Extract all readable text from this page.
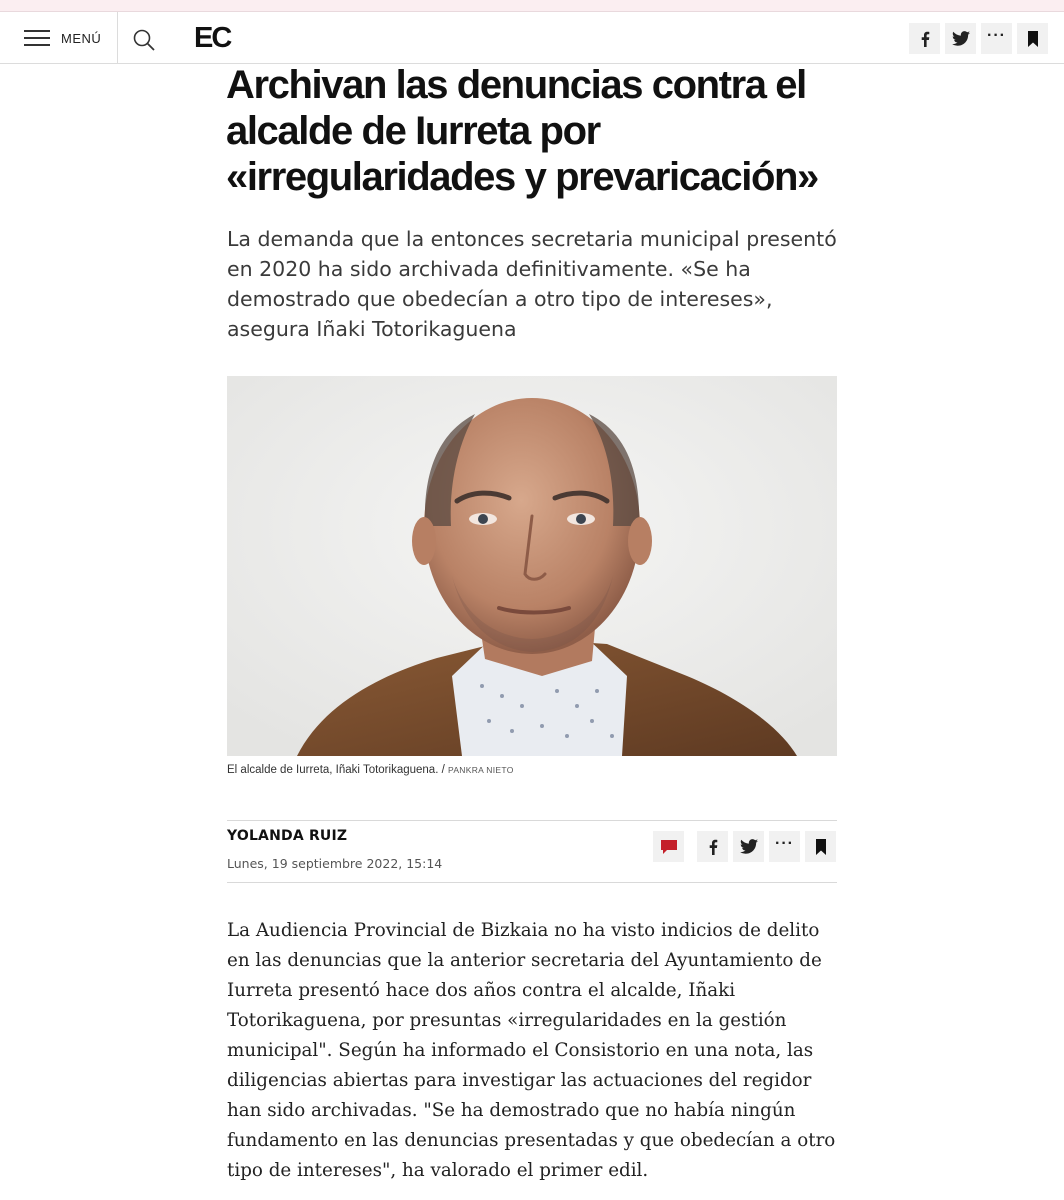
MENÚ	EC	···
Archivan las denuncias contra el alcalde de Iurreta por «irregularidades y prevaricación»

La demanda que la entonces secretaria municipal presentó en 2020 ha sido archivada definitivamente. «Se ha demostrado que obedecían a otro tipo de intereses», asegura Iñaki Totorikaguena

El alcalde de Iurreta, Iñaki Totorikaguena. / PANKRA NIETO
YOLANDA RUIZ
Lunes, 19 septiembre 2022, 15:14
···

La Audiencia Provincial de Bizkaia no ha visto indicios de delito en las denuncias que la anterior secretaria del Ayuntamiento de Iurreta presentó hace dos años contra el alcalde, Iñaki Totorikaguena, por presuntas «irregularidades en la gestión municipal". Según ha informado el Consistorio en una nota, las diligencias abiertas para investigar las actuaciones del regidor han sido archivadas. "Se ha demostrado que no había ningún fundamento en las denuncias presentadas y que obedecían a otro tipo de intereses", ha valorado el primer edil.
